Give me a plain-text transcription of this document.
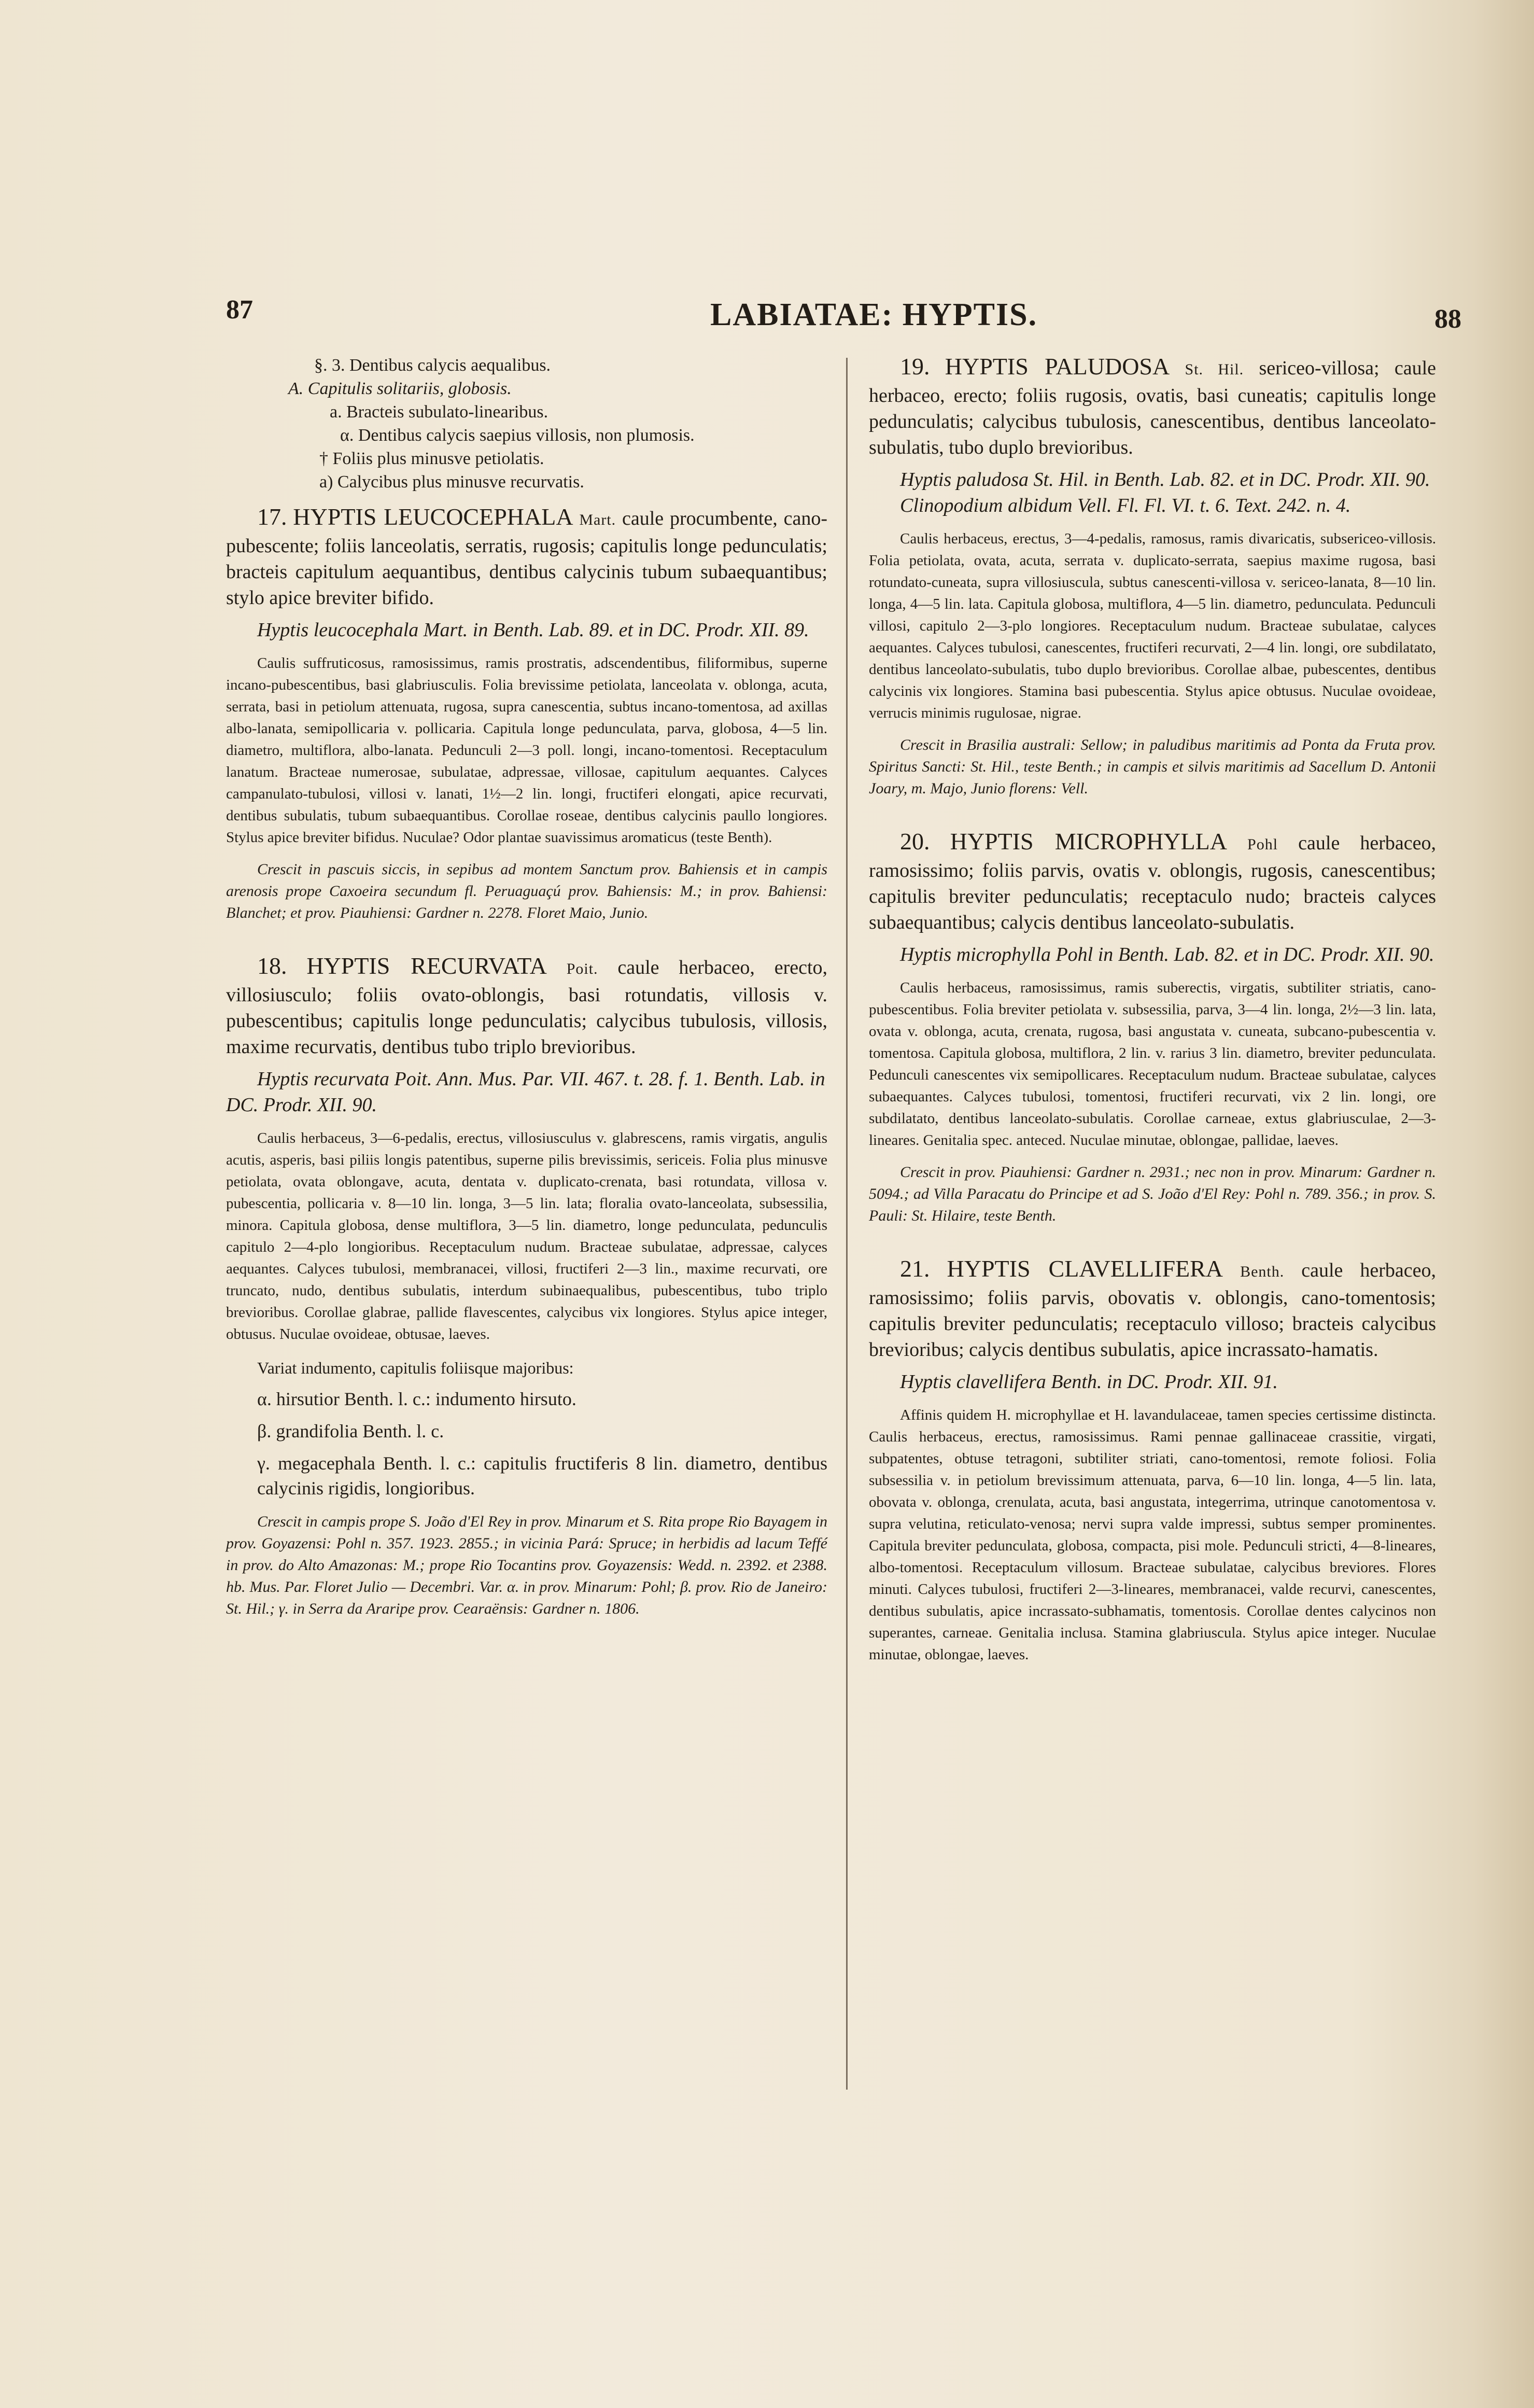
87	LABIATAE: HYPTIS.	88

§. 3. Dentibus calycis aequalibus.

A. Capitulis solitariis, globosis.

a. Bracteis subulato-linearibus.

α. Dentibus calycis saepius villosis, non plumosis.

† Foliis plus minusve petiolatis.

a) Calycibus plus minusve recurvatis.

17. HYPTIS LEUCOCEPHALA Mart. caule procumbente, cano-pubescente; foliis lanceolatis, serratis, rugosis; capitulis longe pedunculatis; bracteis capitulum aequantibus, dentibus calycinis tubum subaequantibus; stylo apice breviter bifido.

Hyptis leucocephala Mart. in Benth. Lab. 89. et in DC. Prodr. XII. 89.

Caulis suffruticosus, ramosissimus, ramis prostratis, adscendentibus, filiformibus, superne incano-pubescentibus, basi glabriusculis. Folia brevissime petiolata, lanceolata v. oblonga, acuta, serrata, basi in petiolum attenuata, rugosa, supra canescentia, subtus incano-tomentosa, ad axillas albo-lanata, semipollicaria v. pollicaria. Capitula longe pedunculata, parva, globosa, 4—5 lin. diametro, multiflora, albo-lanata. Pedunculi 2—3 poll. longi, incano-tomentosi. Receptaculum lanatum. Bracteae numerosae, subulatae, adpressae, villosae, capitulum aequantes. Calyces campanulato-tubulosi, villosi v. lanati, 1½—2 lin. longi, fructiferi elongati, apice recurvati, dentibus subulatis, tubum subaequantibus. Corollae roseae, dentibus calycinis paullo longiores. Stylus apice breviter bifidus. Nuculae? Odor plantae suavissimus aromaticus (teste Benth).

Crescit in pascuis siccis, in sepibus ad montem Sanctum prov. Bahiensis et in campis arenosis prope Caxoeira secundum fl. Peruaguaçú prov. Bahiensis: M.; in prov. Bahiensi: Blanchet; et prov. Piauhiensi: Gardner n. 2278. Floret Maio, Junio.

18. HYPTIS RECURVATA Poit. caule herbaceo, erecto, villosiusculo; foliis ovato-oblongis, basi rotundatis, villosis v. pubescentibus; capitulis longe pedunculatis; calycibus tubulosis, villosis, maxime recurvatis, dentibus tubo triplo brevioribus.

Hyptis recurvata Poit. Ann. Mus. Par. VII. 467. t. 28. f. 1. Benth. Lab. in DC. Prodr. XII. 90.

Caulis herbaceus, 3—6-pedalis, erectus, villosiusculus v. glabrescens, ramis virgatis, angulis acutis, asperis, basi piliis longis patentibus, superne pilis brevissimis, sericeis. Folia plus minusve petiolata, ovata oblongave, acuta, dentata v. duplicato-crenata, basi rotundata, villosa v. pubescentia, pollicaria v. 8—10 lin. longa, 3—5 lin. lata; floralia ovato-lanceolata, subsessilia, minora. Capitula globosa, dense multiflora, 3—5 lin. diametro, longe pedunculata, pedunculis capitulo 2—4-plo longioribus. Receptaculum nudum. Bracteae subulatae, adpressae, calyces aequantes. Calyces tubulosi, membranacei, villosi, fructiferi 2—3 lin., maxime recurvati, ore truncato, nudo, dentibus subulatis, interdum subinaequalibus, pubescentibus, tubo triplo brevioribus. Corollae glabrae, pallide flavescentes, calycibus vix longiores. Stylus apice integer, obtusus. Nuculae ovoideae, obtusae, laeves.

Variat indumento, capitulis foliisque majoribus:

α. hirsutior Benth. l. c.: indumento hirsuto.

β. grandifolia Benth. l. c.

γ. megacephala Benth. l. c.: capitulis fructiferis 8 lin. diametro, dentibus calycinis rigidis, longioribus.

Crescit in campis prope S. João d'El Rey in prov. Minarum et S. Rita prope Rio Bayagem in prov. Goyazensi: Pohl n. 357. 1923. 2855.; in vicinia Pará: Spruce; in herbidis ad lacum Teffé in prov. do Alto Amazonas: M.; prope Rio Tocantins prov. Goyazensis: Wedd. n. 2392. et 2388. hb. Mus. Par. Floret Julio — Decembri. Var. α. in prov. Minarum: Pohl; β. prov. Rio de Janeiro: St. Hil.; γ. in Serra da Araripe prov. Cearaënsis: Gardner n. 1806.

19. HYPTIS PALUDOSA St. Hil. sericeo-villosa; caule herbaceo, erecto; foliis rugosis, ovatis, basi cuneatis; capitulis longe pedunculatis; calycibus tubulosis, canescentibus, dentibus lanceolato-subulatis, tubo duplo brevioribus.

Hyptis paludosa St. Hil. in Benth. Lab. 82. et in DC. Prodr. XII. 90.

Clinopodium albidum Vell. Fl. Fl. VI. t. 6. Text. 242. n. 4.

Caulis herbaceus, erectus, 3—4-pedalis, ramosus, ramis divaricatis, subsericeo-villosis. Folia petiolata, ovata, acuta, serrata v. duplicato-serrata, saepius maxime rugosa, basi rotundato-cuneata, supra villosiuscula, subtus canescenti-villosa v. sericeo-lanata, 8—10 lin. longa, 4—5 lin. lata. Capitula globosa, multiflora, 4—5 lin. diametro, pedunculata. Pedunculi villosi, capitulo 2—3-plo longiores. Receptaculum nudum. Bracteae subulatae, calyces aequantes. Calyces tubulosi, canescentes, fructiferi recurvati, 2—4 lin. longi, ore subdilatato, dentibus lanceolato-subulatis, tubo duplo brevioribus. Corollae albae, pubescentes, dentibus calycinis vix longiores. Stamina basi pubescentia. Stylus apice obtusus. Nuculae ovoideae, verrucis minimis rugulosae, nigrae.

Crescit in Brasilia australi: Sellow; in paludibus maritimis ad Ponta da Fruta prov. Spiritus Sancti: St. Hil., teste Benth.; in campis et silvis maritimis ad Sacellum D. Antonii Joary, m. Majo, Junio florens: Vell.

20. HYPTIS MICROPHYLLA Pohl caule herbaceo, ramosissimo; foliis parvis, ovatis v. oblongis, rugosis, canescentibus; capitulis breviter pedunculatis; receptaculo nudo; bracteis calyces subaequantibus; calycis dentibus lanceolato-subulatis.

Hyptis microphylla Pohl in Benth. Lab. 82. et in DC. Prodr. XII. 90.

Caulis herbaceus, ramosissimus, ramis suberectis, virgatis, subtiliter striatis, cano-pubescentibus. Folia breviter petiolata v. subsessilia, parva, 3—4 lin. longa, 2½—3 lin. lata, ovata v. oblonga, acuta, crenata, rugosa, basi angustata v. cuneata, subcano-pubescentia v. tomentosa. Capitula globosa, multiflora, 2 lin. v. rarius 3 lin. diametro, breviter pedunculata. Pedunculi canescentes vix semipollicares. Receptaculum nudum. Bracteae subulatae, calyces subaequantes. Calyces tubulosi, tomentosi, fructiferi recurvati, vix 2 lin. longi, ore subdilatato, dentibus lanceolato-subulatis. Corollae carneae, extus glabriusculae, 2—3-lineares. Genitalia spec. anteced. Nuculae minutae, oblongae, pallidae, laeves.

Crescit in prov. Piauhiensi: Gardner n. 2931.; nec non in prov. Minarum: Gardner n. 5094.; ad Villa Paracatu do Principe et ad S. João d'El Rey: Pohl n. 789. 356.; in prov. S. Pauli: St. Hilaire, teste Benth.

21. HYPTIS CLAVELLIFERA Benth. caule herbaceo, ramosissimo; foliis parvis, obovatis v. oblongis, cano-tomentosis; capitulis breviter pedunculatis; receptaculo villoso; bracteis calycibus brevioribus; calycis dentibus subulatis, apice incrassato-hamatis.

Hyptis clavellifera Benth. in DC. Prodr. XII. 91.

Affinis quidem H. microphyllae et H. lavandulaceae, tamen species certissime distincta. Caulis herbaceus, erectus, ramosissimus. Rami pennae gallinaceae crassitie, virgati, subpatentes, obtuse tetragoni, subtiliter striati, cano-tomentosi, remote foliosi. Folia subsessilia v. in petiolum brevissimum attenuata, parva, 6—10 lin. longa, 4—5 lin. lata, obovata v. oblonga, crenulata, acuta, basi angustata, integerrima, utrinque canotomentosa v. supra velutina, reticulato-venosa; nervi supra valde impressi, subtus semper prominentes. Capitula breviter pedunculata, globosa, compacta, pisi mole. Pedunculi stricti, 4—8-lineares, albo-tomentosi. Receptaculum villosum. Bracteae subulatae, calycibus breviores. Flores minuti. Calyces tubulosi, fructiferi 2—3-lineares, membranacei, valde recurvi, canescentes, dentibus subulatis, apice incrassato-subhamatis, tomentosis. Corollae dentes calycinos non superantes, carneae. Genitalia inclusa. Stamina glabriuscula. Stylus apice integer. Nuculae minutae, oblongae, laeves.
